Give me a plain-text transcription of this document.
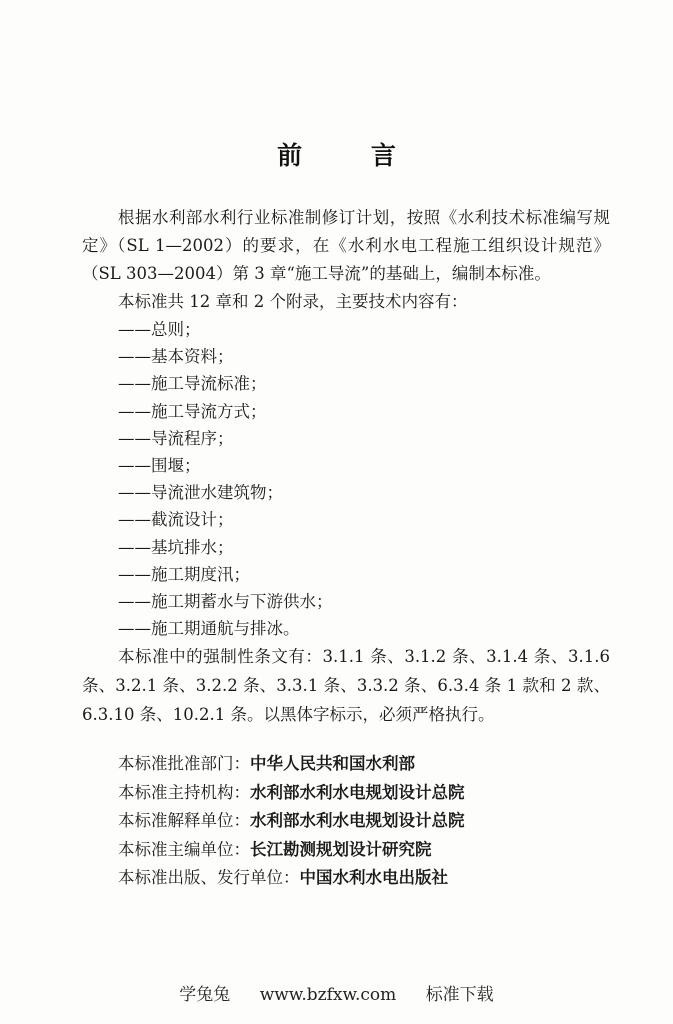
前 言

根据水利部水利行业标准制修订计划，按照《水利技术标准编写规定》（SL 1—2002）的要求，在《水利水电工程施工组织设计规范》（SL 303—2004）第 3 章“施工导流”的基础上，编制本标准。

本标准共 12 章和 2 个附录，主要技术内容有：

——总则；
——基本资料；
——施工导流标准；
——施工导流方式；
——导流程序；
——围堰；
——导流泄水建筑物；
——截流设计；
——基坑排水；
——施工期度汛；
——施工期蓄水与下游供水；
——施工期通航与排冰。

本标准中的强制性条文有：3.1.1 条、3.1.2 条、3.1.4 条、3.1.6 条、3.2.1 条、3.2.2 条、3.3.1 条、3.3.2 条、6.3.4 条 1 款和 2 款、6.3.10 条、10.2.1 条。以黑体字标示，必须严格执行。

本标准批准部门：中华人民共和国水利部
本标准主持机构：水利部水利水电规划设计总院
本标准解释单位：水利部水利水电规划设计总院
本标准主编单位：长江勘测规划设计研究院
本标准出版、发行单位：中国水利水电出版社
学兔兔 www.bzfxw.com 标准下载
